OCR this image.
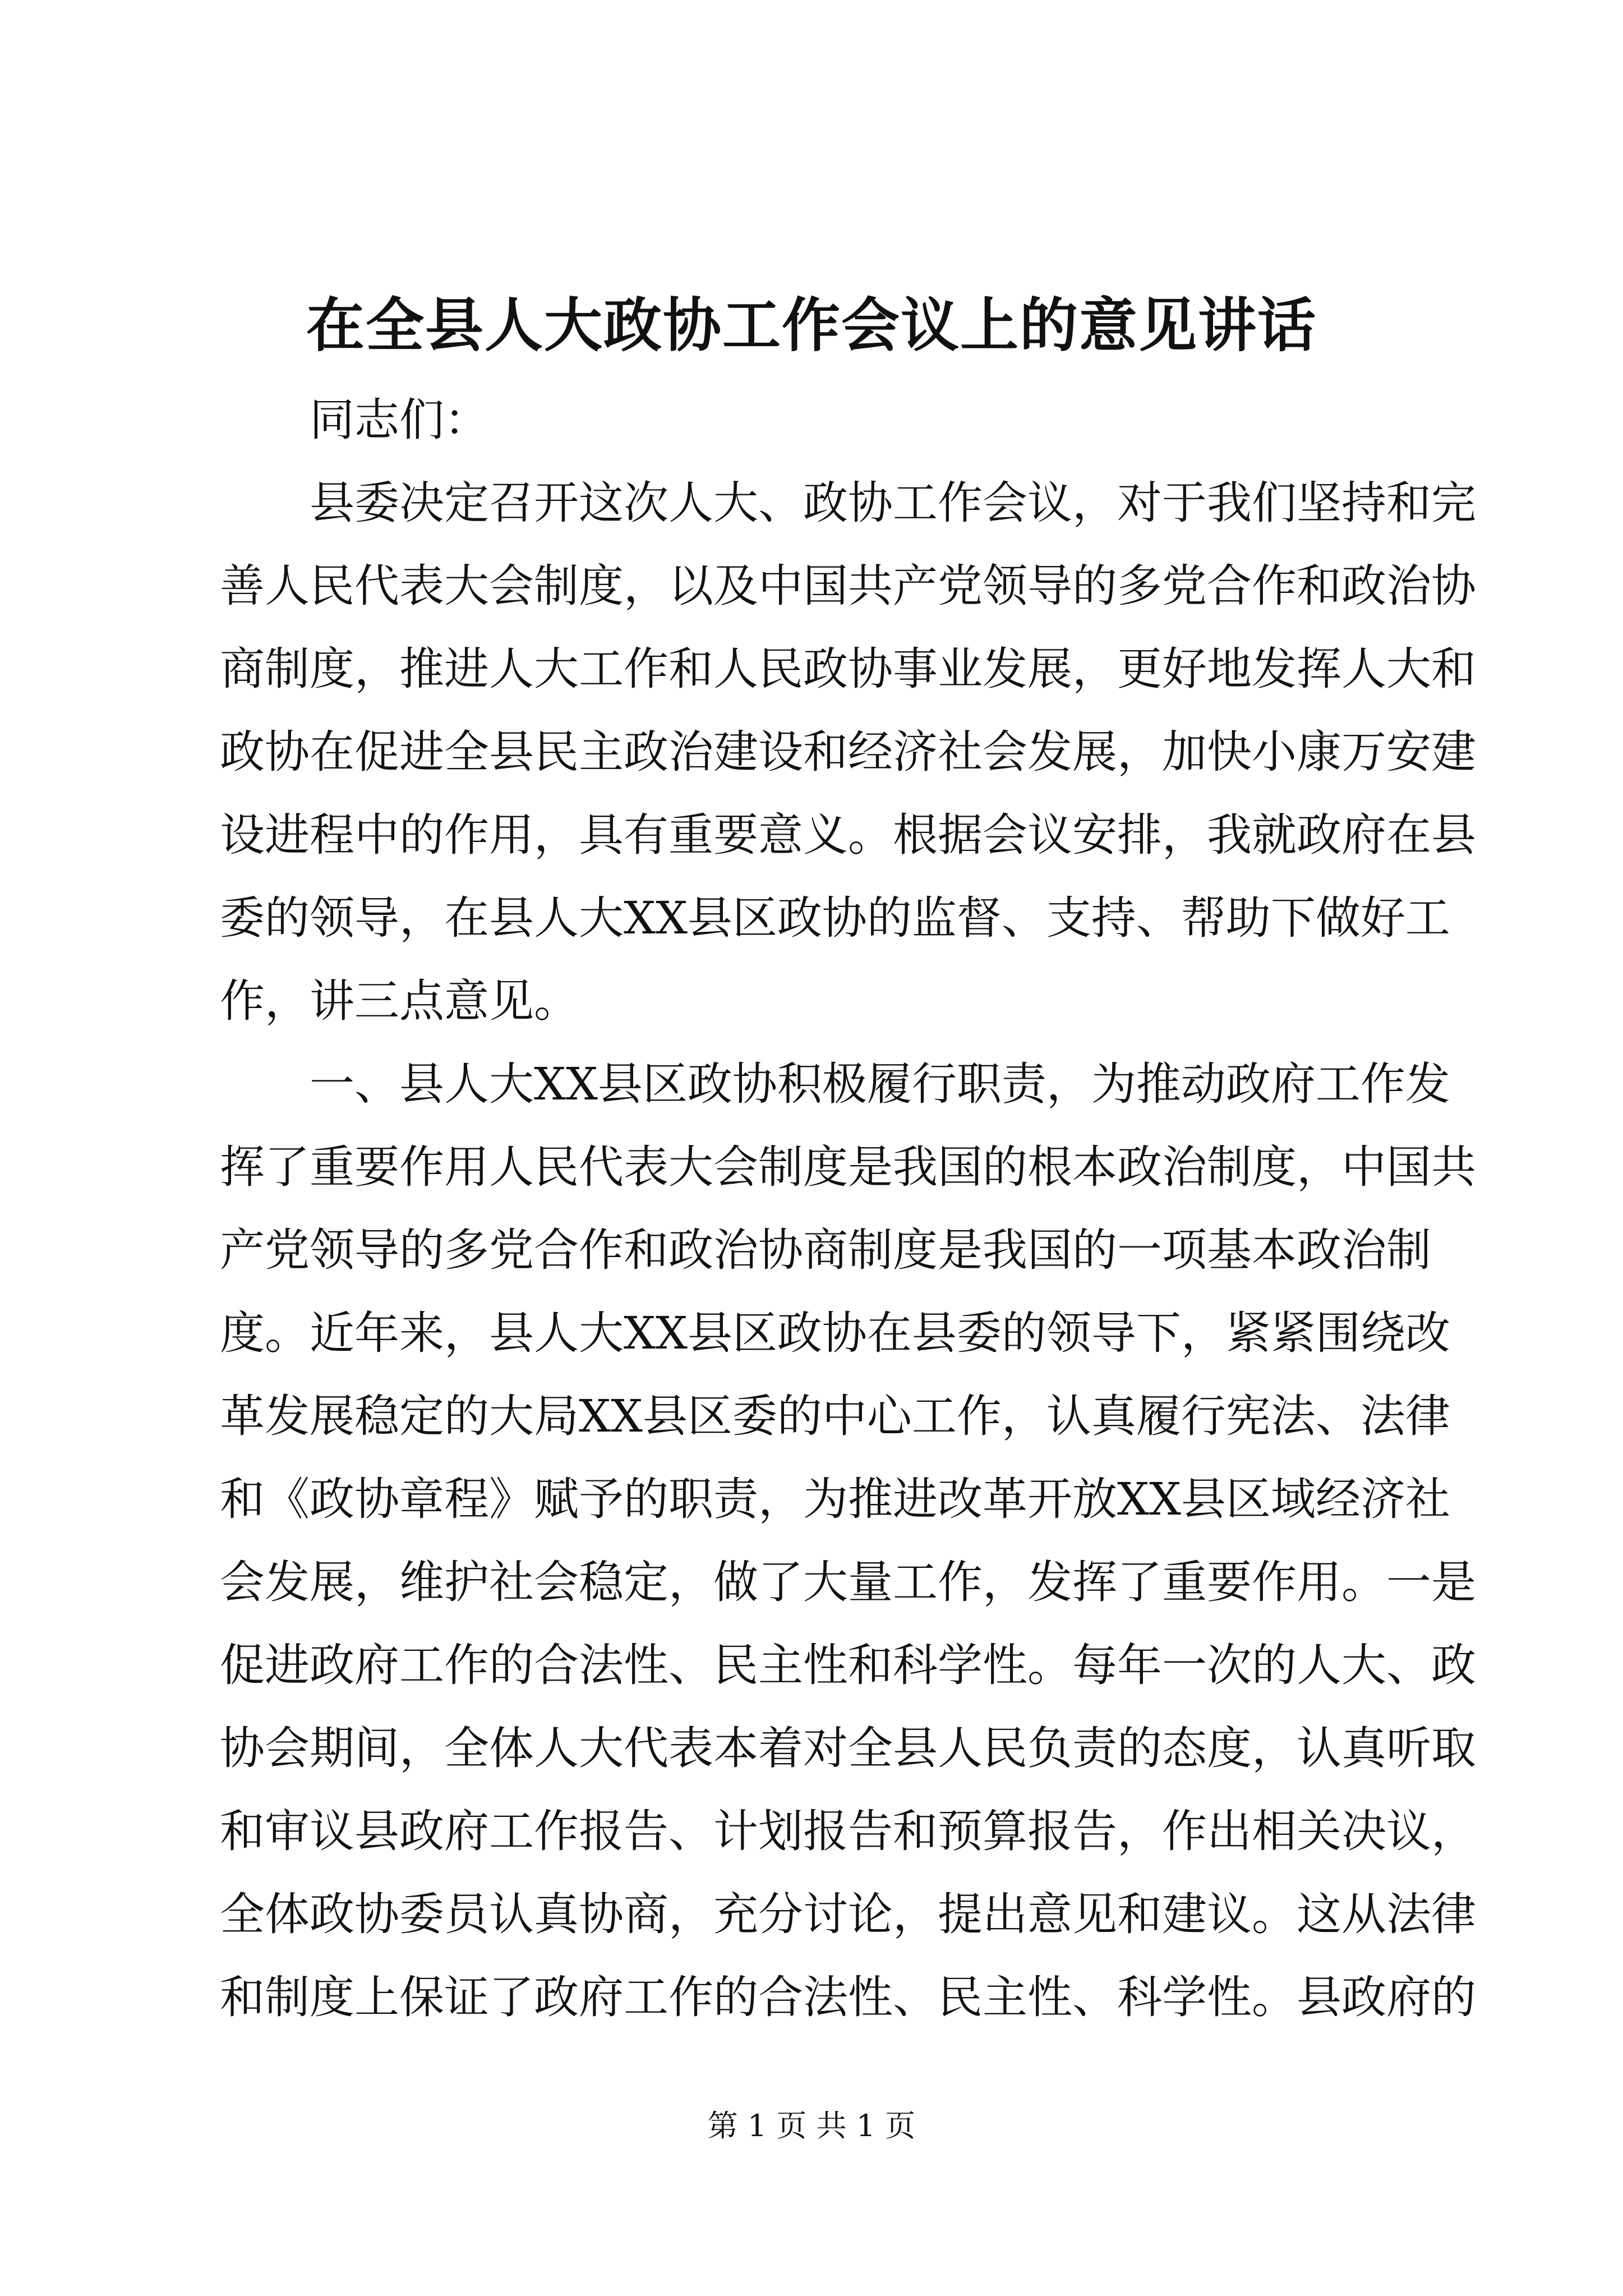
在全县人大政协工作会议上的意见讲话
同志们：
县委决定召开这次人大、政协工作会议，对于我们坚持和完
善人民代表大会制度，以及中国共产党领导的多党合作和政治协
商制度，推进人大工作和人民政协事业发展，更好地发挥人大和
政协在促进全县民主政治建设和经济社会发展，加快小康万安建
设进程中的作用，具有重要意义。根据会议安排，我就政府在县
委的领导，在县人大XX县区政协的监督、支持、帮助下做好工
作，讲三点意见。
一、县人大XX县区政协积极履行职责，为推动政府工作发
挥了重要作用人民代表大会制度是我国的根本政治制度，中国共
产党领导的多党合作和政治协商制度是我国的一项基本政治制
度。近年来，县人大XX县区政协在县委的领导下，紧紧围绕改
革发展稳定的大局XX县区委的中心工作，认真履行宪法、法律
和《政协章程》赋予的职责，为推进改革开放XX县区域经济社
会发展，维护社会稳定，做了大量工作，发挥了重要作用。一是
促进政府工作的合法性、民主性和科学性。每年一次的人大、政
协会期间，全体人大代表本着对全县人民负责的态度，认真听取
和审议县政府工作报告、计划报告和预算报告，作出相关决议，
全体政协委员认真协商，充分讨论，提出意见和建议。这从法律
和制度上保证了政府工作的合法性、民主性、科学性。县政府的
第 1 页 共 1 页
